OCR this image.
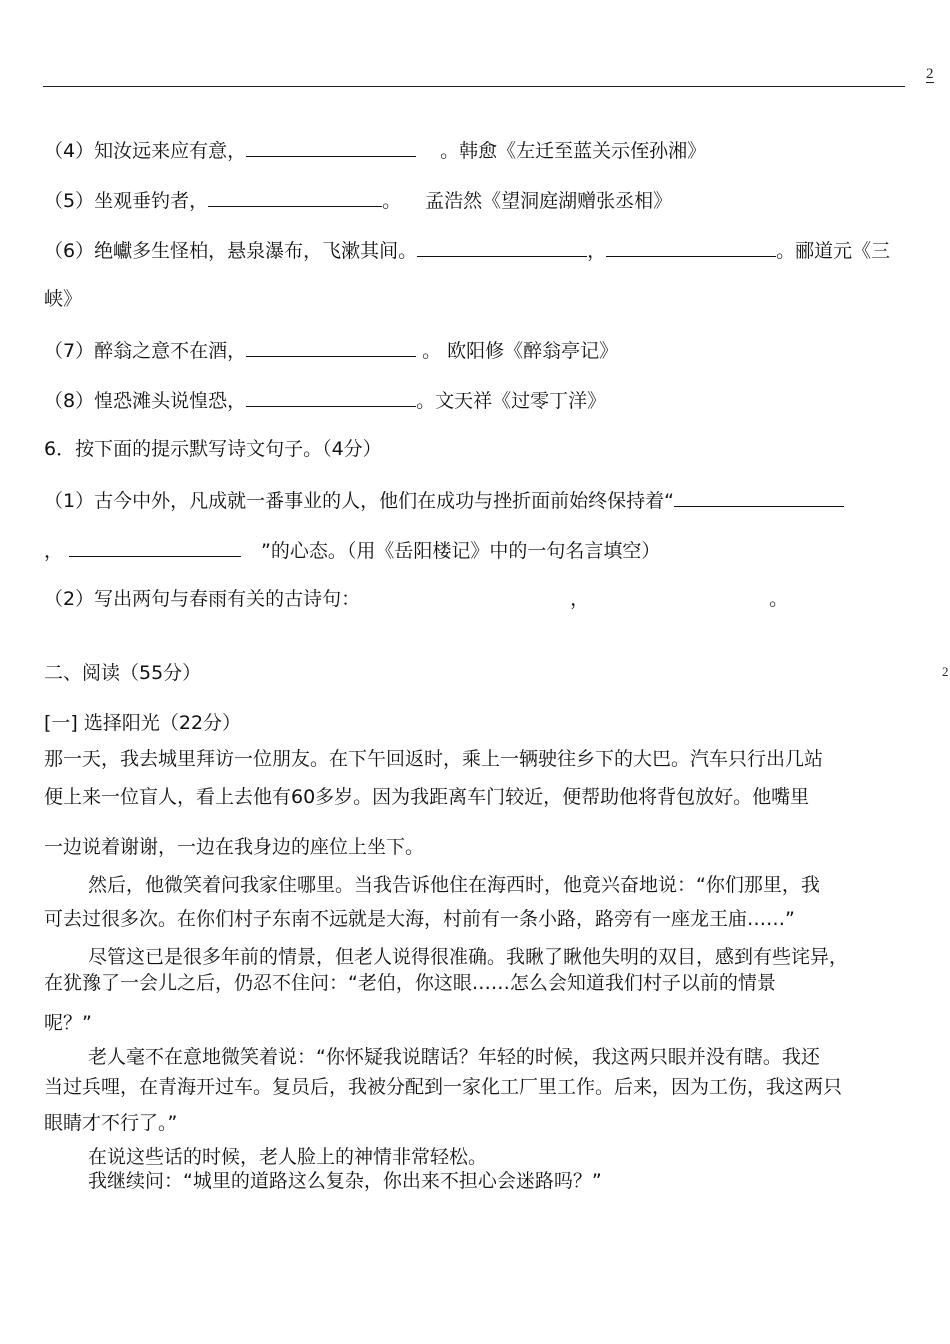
2
2
（4）知汝远来应有意，	。韩愈《左迁至蓝关示侄孙湘》
（5）坐观垂钓者，	。 孟浩然《望洞庭湖赠张丞相》
（6）绝巘多生怪柏，悬泉瀑布，飞漱其间。	，	。郦道元《三
峡》
（7）醉翁之意不在酒，	。 欧阳修《醉翁亭记》
（8）惶恐滩头说惶恐，	。文天祥《过零丁洋》
6．按下面的提示默写诗文句子。（4分）
（1）古今中外，凡成就一番事业的人，他们在成功与挫折面前始终保持着“
，	”的心态。（用《岳阳楼记》中的一句名言填空）
（2）写出两句与春雨有关的古诗句：	，	。
二、阅读（55分）
[一] 选择阳光（22分）
那一天，我去城里拜访一位朋友。在下午回返时，乘上一辆驶往乡下的大巴。汽车只行出几站
便上来一位盲人，看上去他有60多岁。因为我距离车门较近，便帮助他将背包放好。他嘴里
一边说着谢谢，一边在我身边的座位上坐下。
然后，他微笑着问我家住哪里。当我告诉他住在海西时，他竟兴奋地说：“你们那里，我
可去过很多次。在你们村子东南不远就是大海，村前有一条小路，路旁有一座龙王庙……”
尽管这已是很多年前的情景，但老人说得很准确。我瞅了瞅他失明的双目，感到有些诧异，
在犹豫了一会儿之后，仍忍不住问：“老伯，你这眼……怎么会知道我们村子以前的情景
呢？”
老人毫不在意地微笑着说：“你怀疑我说瞎话？年轻的时候，我这两只眼并没有瞎。我还
当过兵哩，在青海开过车。复员后，我被分配到一家化工厂里工作。后来，因为工伤，我这两只
眼睛才不行了。”
在说这些话的时候，老人脸上的神情非常轻松。
我继续问：“城里的道路这么复杂，你出来不担心会迷路吗？”
